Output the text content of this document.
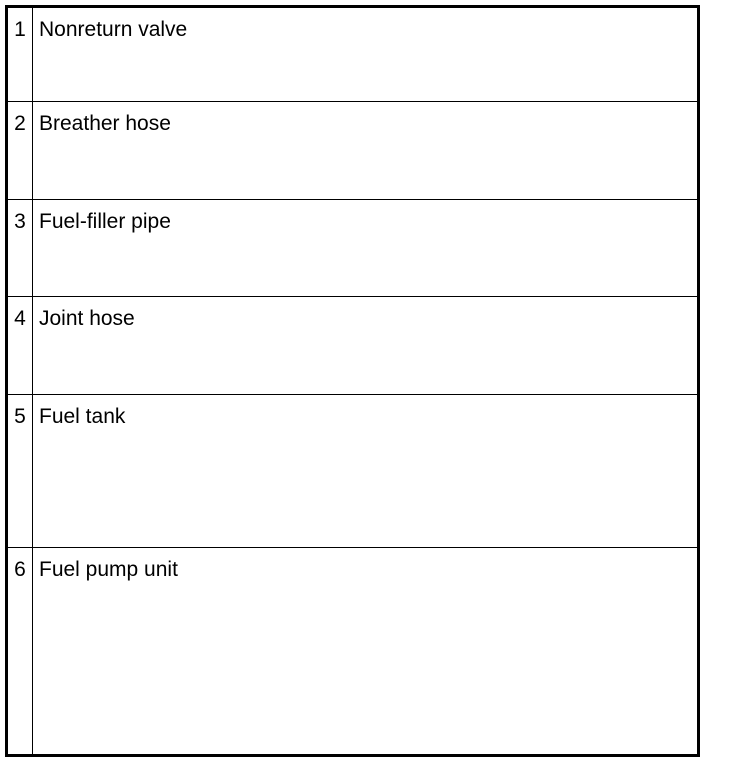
1	Nonreturn valve
2	Breather hose
3	Fuel-filler pipe
4	Joint hose
5	Fuel tank
6	Fuel pump unit
